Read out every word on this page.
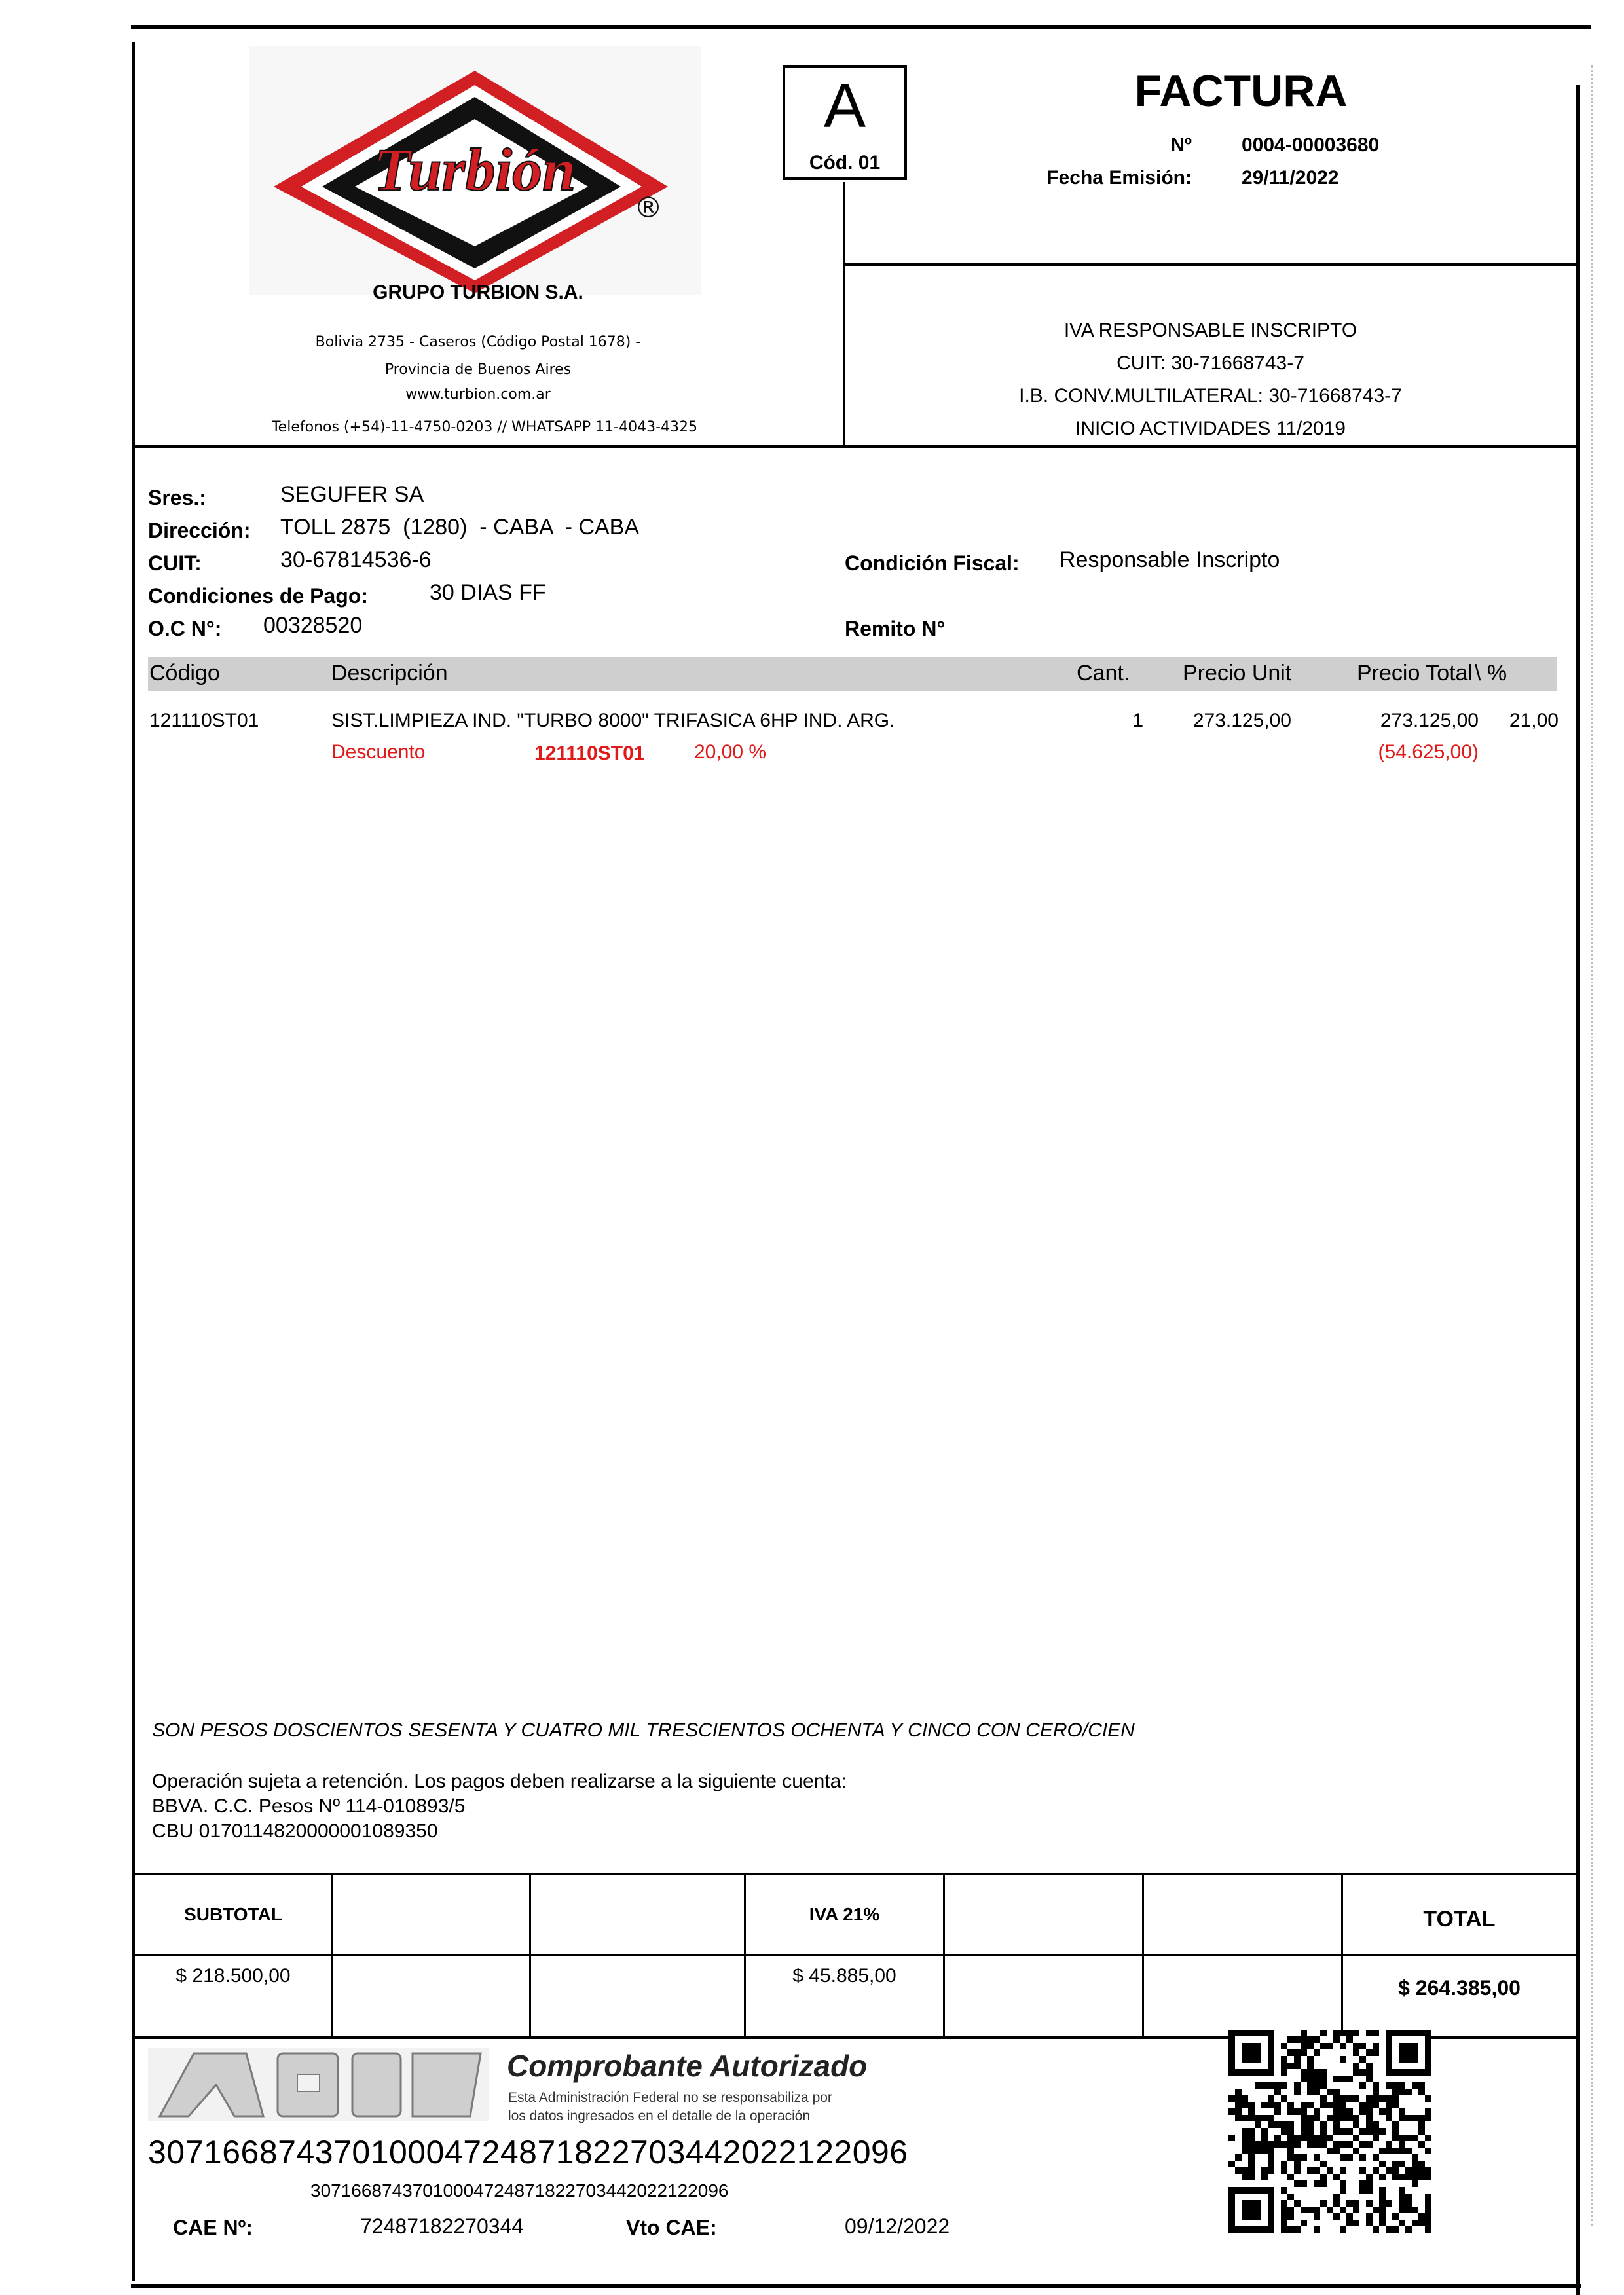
Turbión
®
GRUPO TURBION S.A.
Bolivia 2735 - Caseros (Código Postal 1678) -
Provincia de Buenos Aires
www.turbion.com.ar
Telefonos (+54)-11-4750-0203 // WHATSAPP 11-4043-4325
A
Cód. 01
FACTURA
Nº	0004-00003680
Fecha Emisión:	29/11/2022
IVA RESPONSABLE INSCRIPTO
CUIT: 30-71668743-7
I.B. CONV.MULTILATERAL: 30-71668743-7
INICIO ACTIVIDADES 11/2019
Sres.:	SEGUFER SA
Dirección: TOLL 2875  (1280)  - CABA  - CABA
CUIT:	30-67814536-6	Condición Fiscal: Responsable Inscripto
Condiciones de Pago:	30 DIAS FF
O.C N°: 00328520	Remito N°
Código	Descripción	Cant. Precio Unit	Precio Total \ %
121110ST01	SIST.LIMPIEZA IND. "TURBO 8000" TRIFASICA 6HP IND. ARG.	1	273.125,00	273.125,00	21,00
Descuento	121110ST01	20,00 %	(54.625,00)
SON PESOS DOSCIENTOS SESENTA Y CUATRO MIL TRESCIENTOS OCHENTA Y CINCO CON CERO/CIEN
Operación sujeta a retención. Los pagos deben realizarse a la siguiente cuenta:
BBVA. C.C. Pesos Nº 114-010893/5
CBU 0170114820000001089350
SUBTOTAL
$ 218.500,00
IVA 21%
$ 45.885,00
TOTAL
$ 264.385,00
Comprobante Autorizado
Esta Administración Federal no se responsabiliza por
los datos ingresados en el detalle de la operación
30716687437010004724871822703442022122096
30716687437010004724871822703442022122096
CAE Nº:	72487182270344	Vto CAE:	09/12/2022
